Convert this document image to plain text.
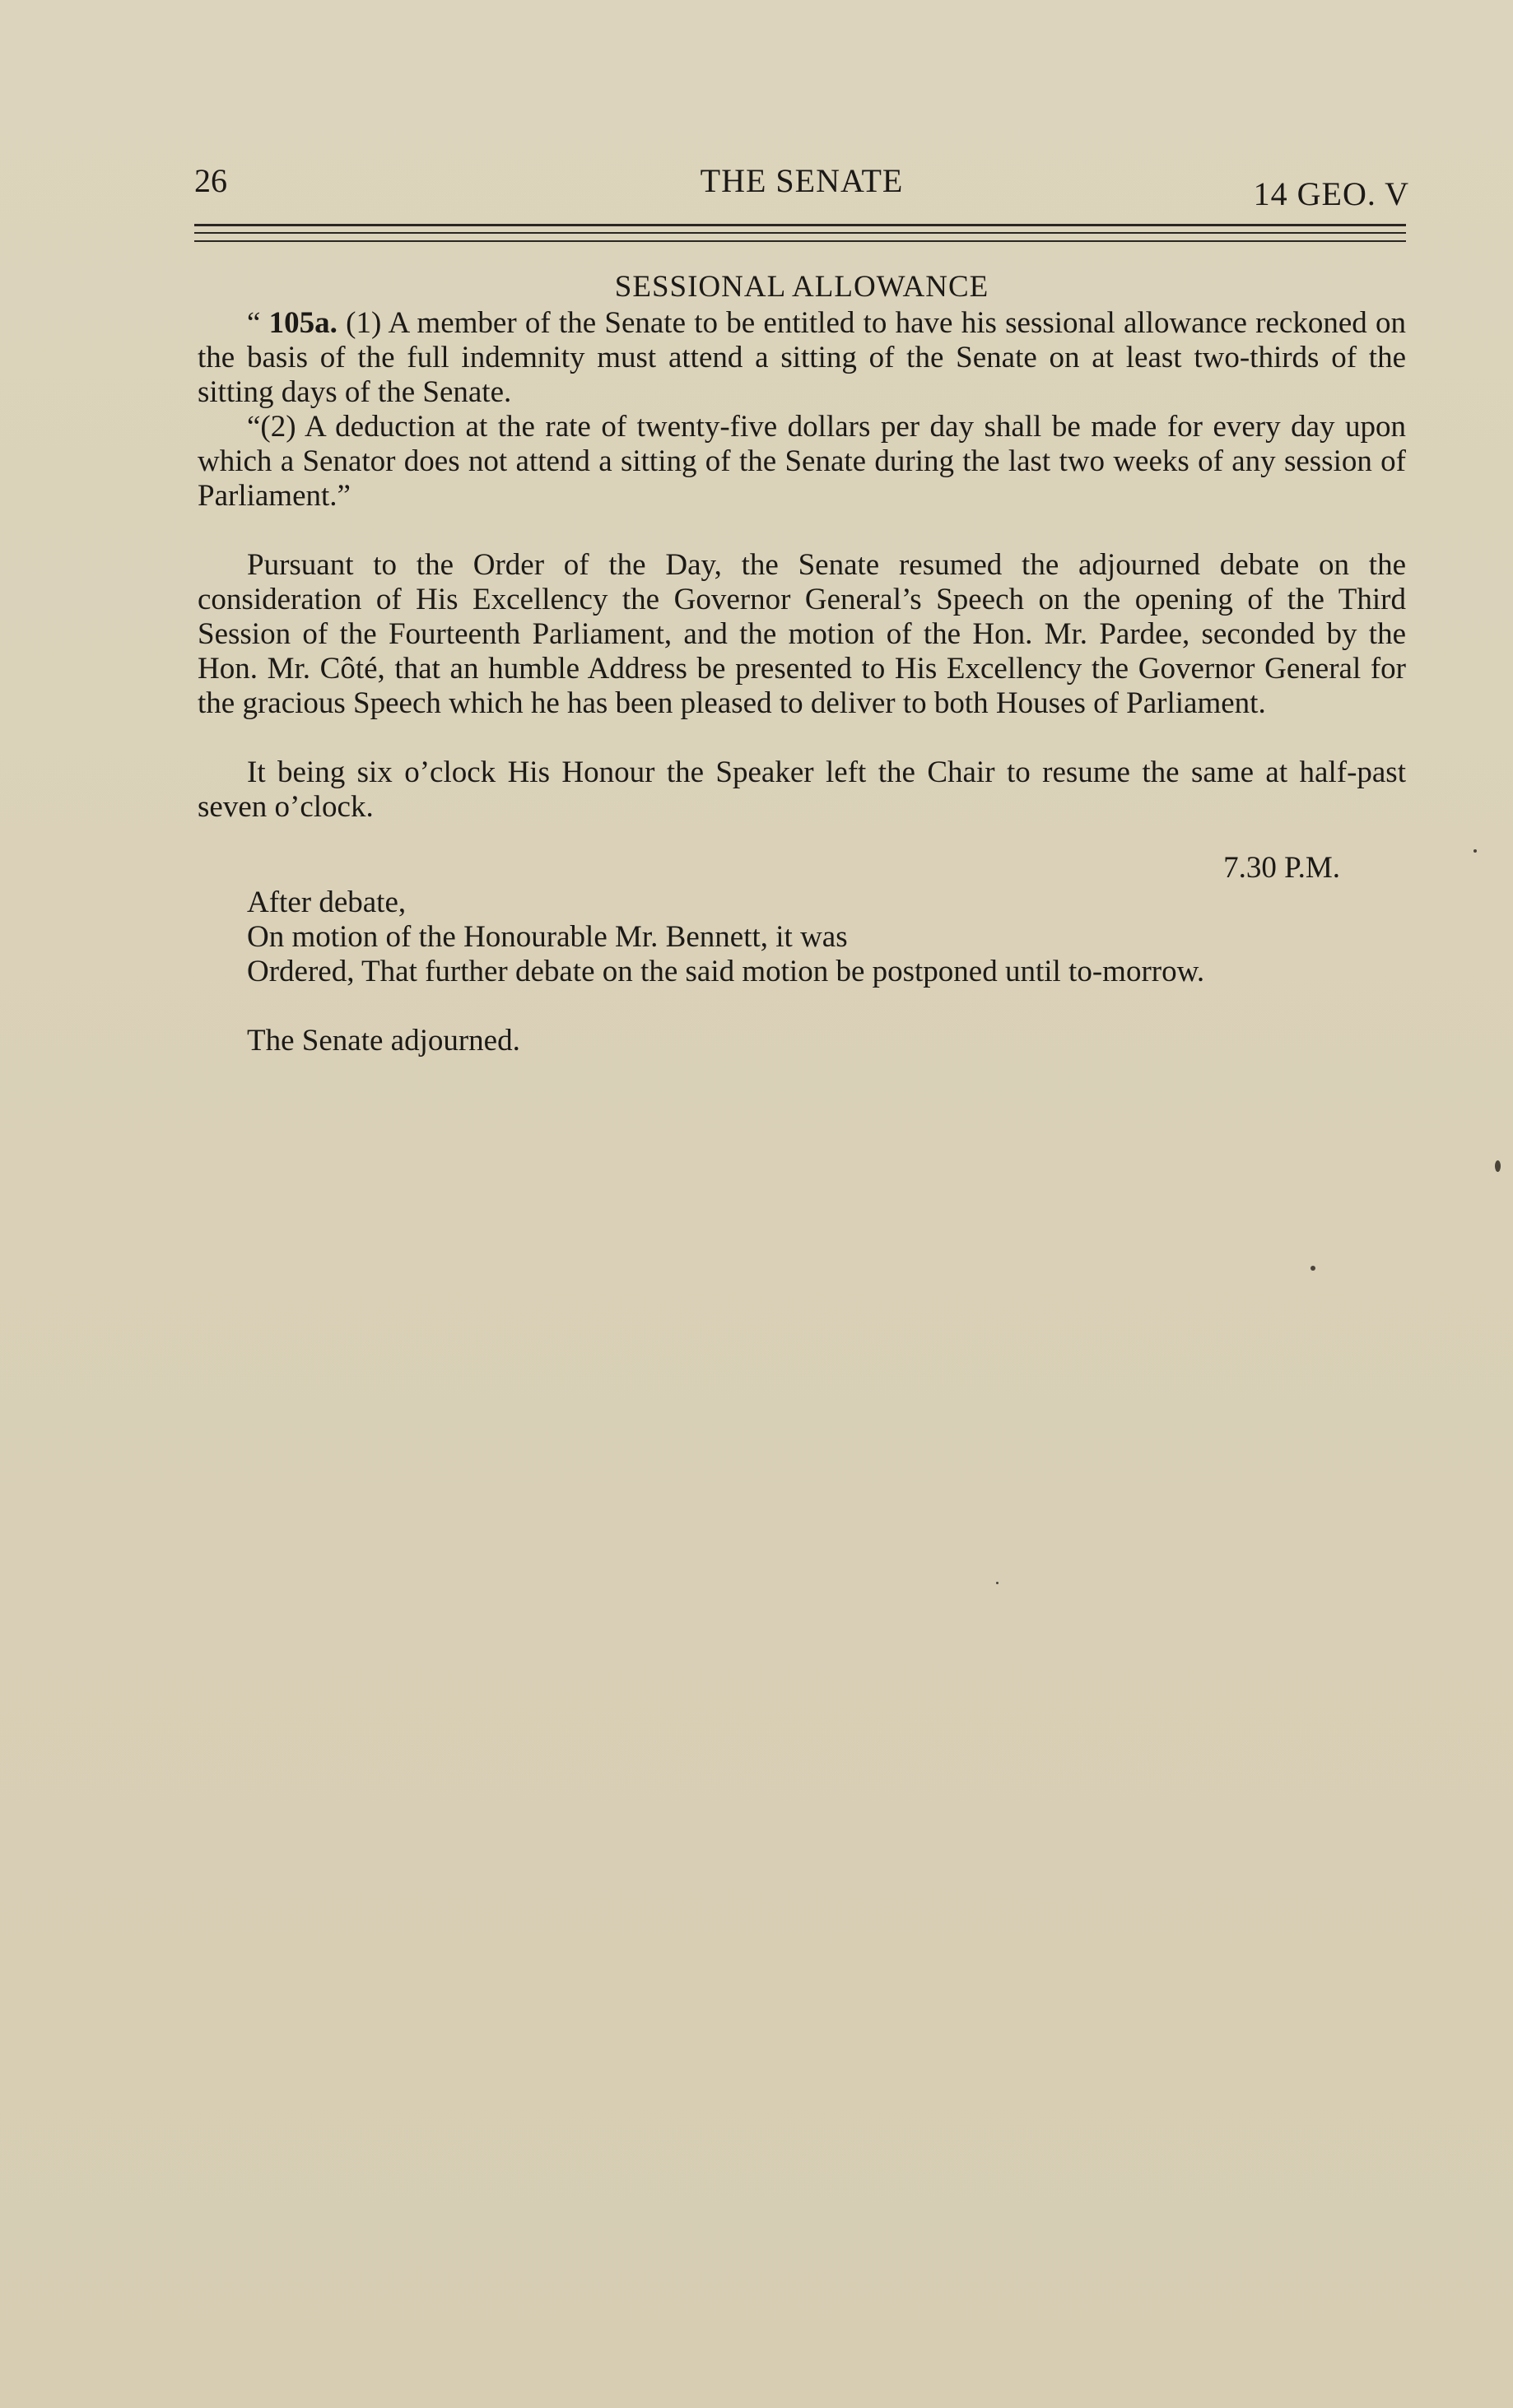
26	THE SENATE	14 GEO. V
SESSIONAL ALLOWANCE

“ 105a. (1) A member of the Senate to be entitled to have his sessional allowance reckoned on the basis of the full indemnity must attend a sitting of the Senate on at least two-thirds of the sitting days of the Senate.

“(2) A deduction at the rate of twenty-five dollars per day shall be made for every day upon which a Senator does not attend a sitting of the Senate during the last two weeks of any session of Parliament.”

Pursuant to the Order of the Day, the Senate resumed the adjourned debate on the consideration of His Excellency the Governor General’s Speech on the opening of the Third Session of the Fourteenth Parliament, and the motion of the Hon. Mr. Pardee, seconded by the Hon. Mr. Côté, that an humble Address be presented to His Excellency the Governor General for the gracious Speech which he has been pleased to deliver to both Houses of Parliament.

It being six o’clock His Honour the Speaker left the Chair to resume the same at half-past seven o’clock.

7.30 P.M.

After debate,

On motion of the Honourable Mr. Bennett, it was

Ordered, That further debate on the said motion be postponed until to-morrow.

The Senate adjourned.
